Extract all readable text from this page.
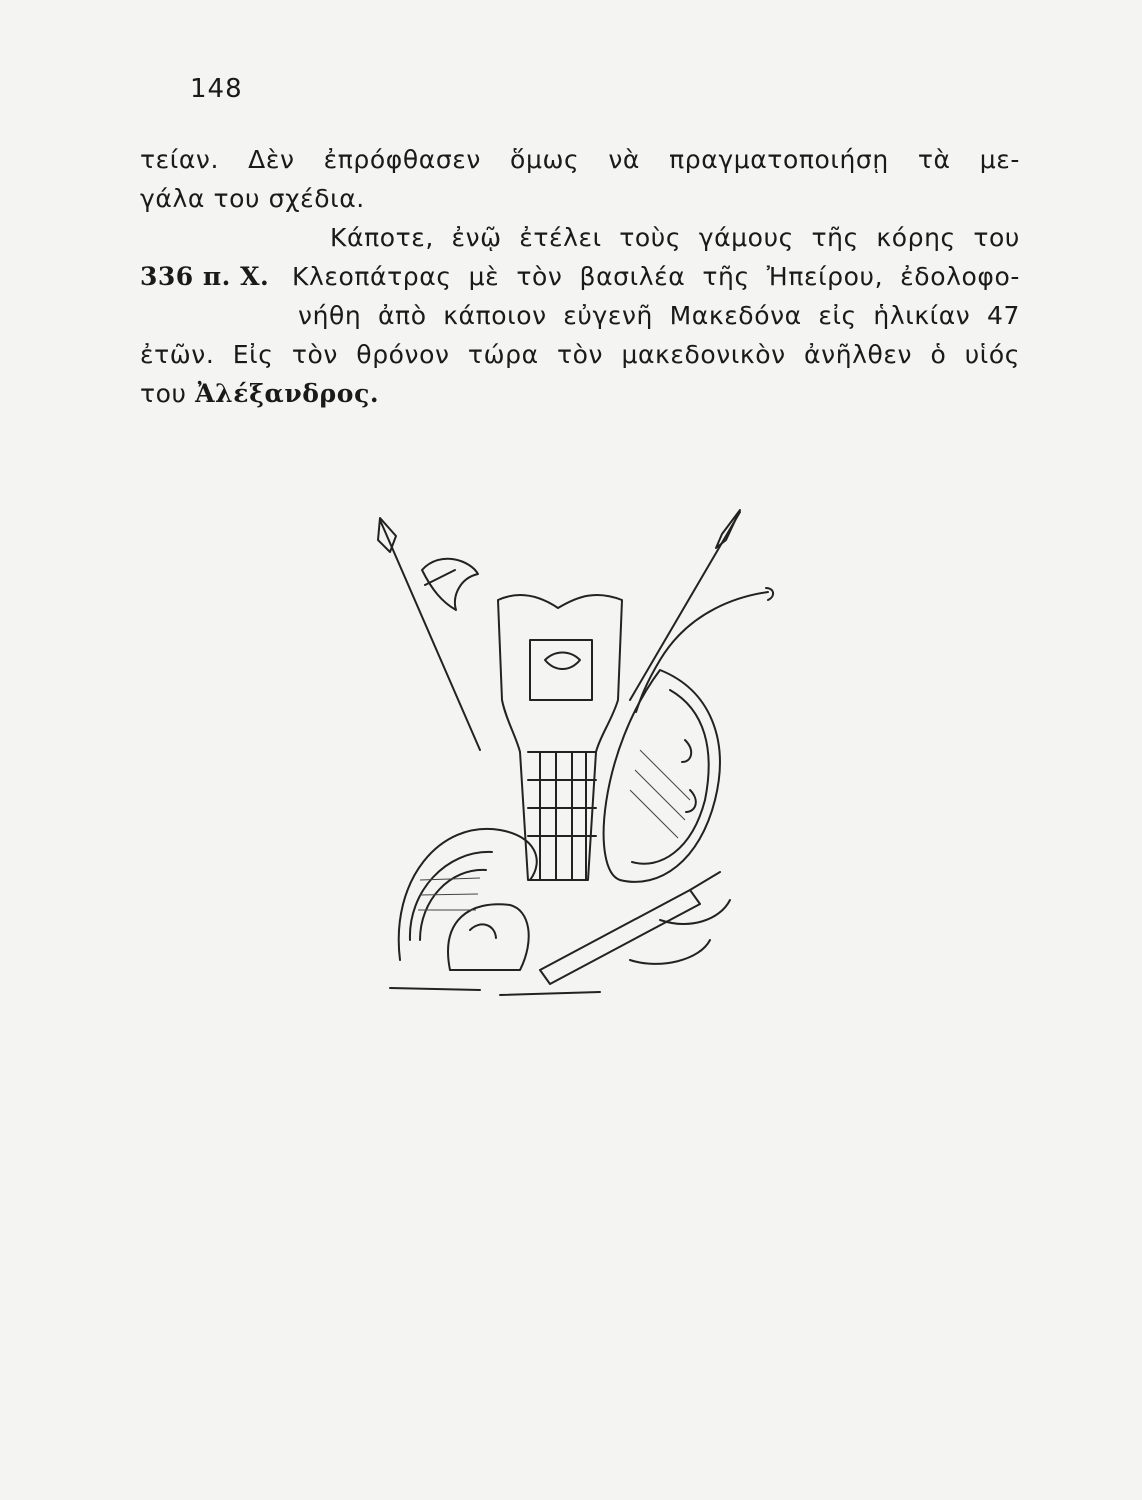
148
τείαν. Δὲν ἐπρόφθασεν ὅμως νὰ πραγματοποιήσῃ τὰ με-
γάλα του σχέδια.
Κάποτε, ἐνῷ ἐτέλει τοὺς γάμους τῆς κόρης του
336 π. Χ. Κλεοπάτρας μὲ τὸν βασιλέα τῆς Ἠπείρου, ἐδολοφο-
νήθη ἀπὸ κάποιον εὐγενῆ Μακεδόνα εἰς ἡλικίαν 47
ἐτῶν. Εἰς τὸν θρόνον τώρα τὸν μακεδονικὸν ἀνῆλθεν ὁ υἱός
του Ἀλέξανδρος.
